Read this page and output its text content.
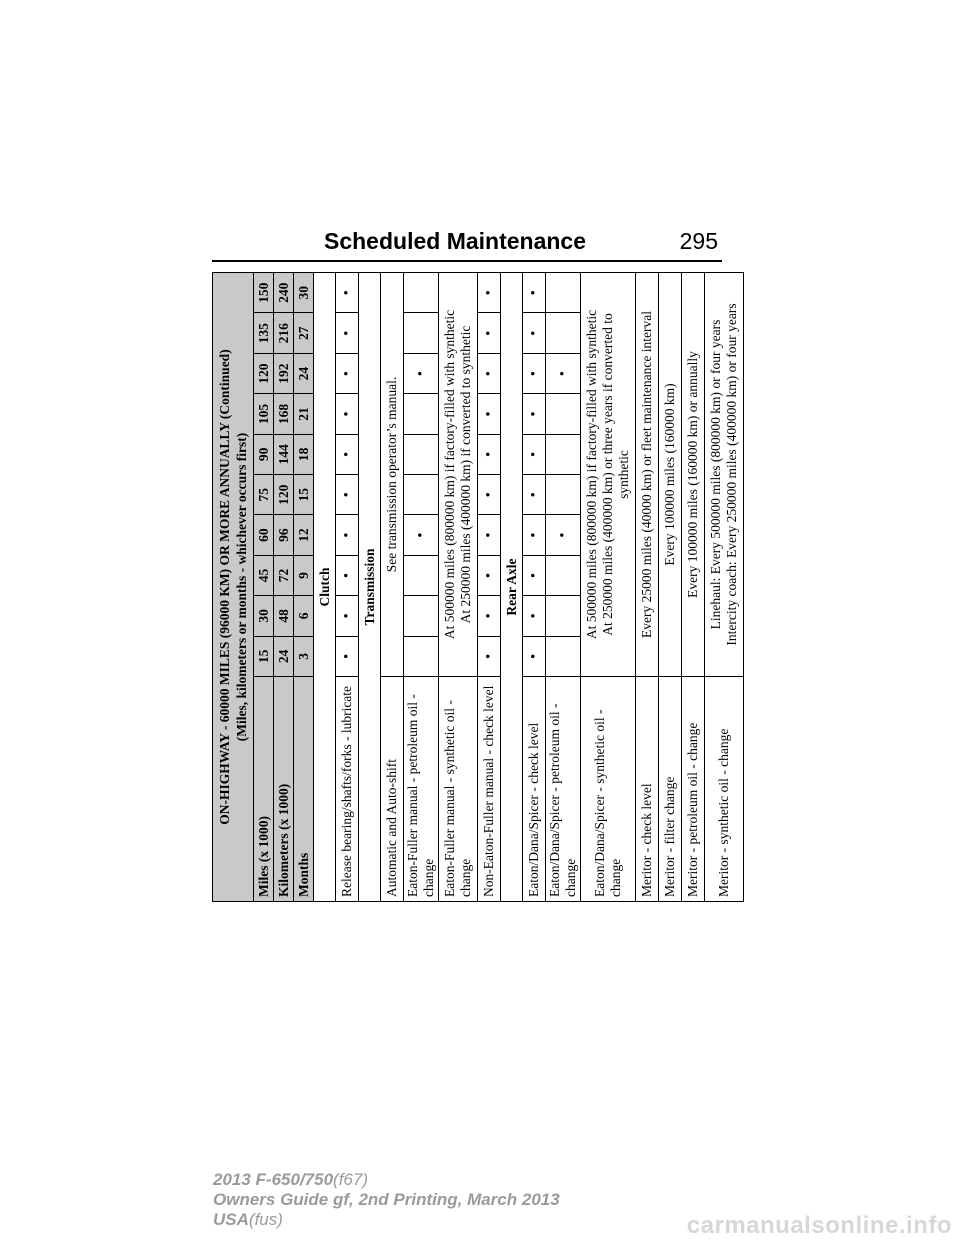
Scheduled Maintenance	295
ON-HIGHWAY - 60000 MILES (96000 KM) OR MORE ANNUALLY (Continued) (Miles, kilometers or months - whichever occurs first)										

Miles (x 1000)	15	30	45	60	75	90	105	120	135	150
Kilometers (x 1000)	24	48	72	96	120	144	168	192	216	240
Months	3	6	9	12	15	18	21	24	27	30
Clutch										
Release bearing/shafts/forks - lubricate	•	•	•	•	•	•	•	•	•	•
Transmission										
Automatic and Auto-shift	See transmission operator’s manual.									
Eaton-Fuller manual - petroleum oil - change				•				•		
Eaton-Fuller manual - synthetic oil - change	At 500000 miles (800000 km) if factory-filled with synthetic At 250000 miles (400000 km) if converted to synthetic									

Non-Eaton-Fuller manual - check level	•	•	•	•	•	•	•	•	•	•
Rear Axle										
Eaton/Dana/Spicer - check level	•	•	•	•	•	•	•	•	•	•
Eaton/Dana/Spicer - petroleum oil - change				•				•		
Eaton/Dana/Spicer - synthetic oil - change	At 500000 miles (800000 km) if factory-filled with synthetic At 250000 miles (400000 km) or three years if converted to synthetic									

Meritor - check level	Every 25000 miles (40000 km) or fleet maintenance interval									
Meritor - filter change	Every 100000 miles (160000 km)									
Meritor - petroleum oil - change	Every 100000 miles (160000 km) or annually									
Meritor - synthetic oil - change	Linehaul: Every 500000 miles (800000 km) or four years Intercity coach: Every 250000 miles (400000 km) or four years									
2013 F-650/750(f67)
Owners Guide gf, 2nd Printing, March 2013
USA(fus)	carmanualsonline.info
